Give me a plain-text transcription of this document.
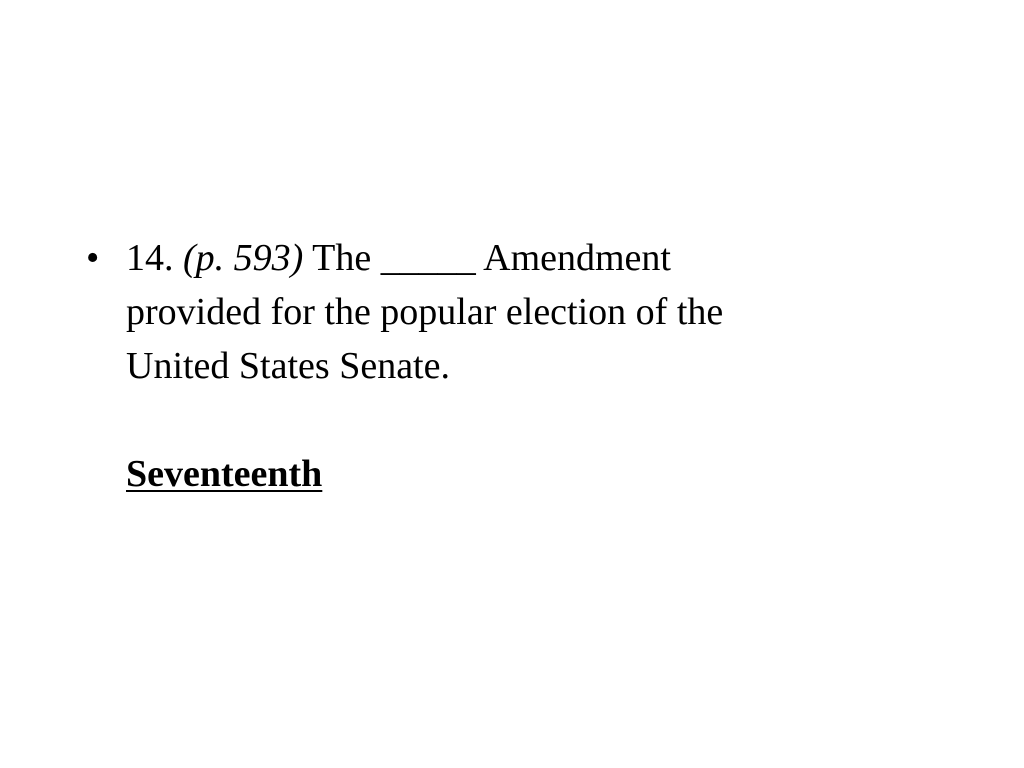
• 14. (p. 593) The _____ Amendment
provided for the popular election of the
United States Senate.
Seventeenth
